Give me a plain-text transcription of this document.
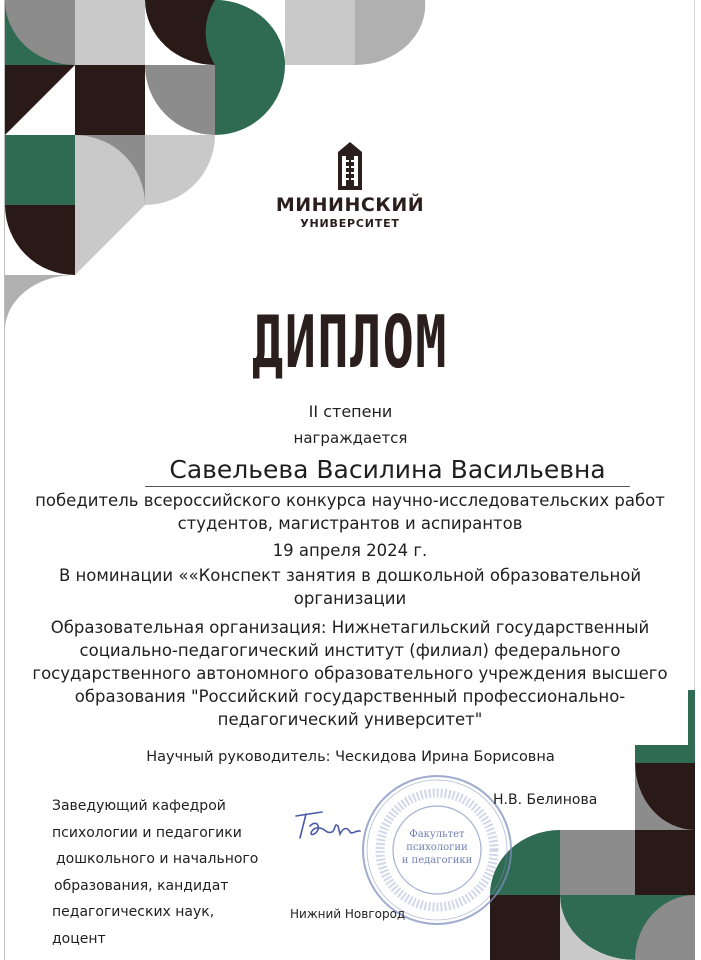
МИНИНСКИЙ
УНИВЕРСИТЕТ
ДИПЛОМ
II степени
награждается
Савельева Василина Васильевна
победитель всероссийского конкурса научно-исследовательских работ
студентов, магистрантов и аспирантов
19 апреля 2024 г.
В номинации ««Конспект занятия в дошкольной образовательной
организации
Образовательная организация: Нижнетагильский государственный
социально-педагогический институт (филиал) федерального
государственного автономного образовательного учреждения высшего
образования "Российский государственный профессионально-
педагогический университет"
Научный руководитель: Ческидова Ирина Борисовна
Заведующий кафедрой
психологии и педагогики
дошкольного и начального
образования, кандидат
педагогических наук,
доцент
Факультет
психологии
и педагогики
Н.В. Белинова
Нижний Новгород
